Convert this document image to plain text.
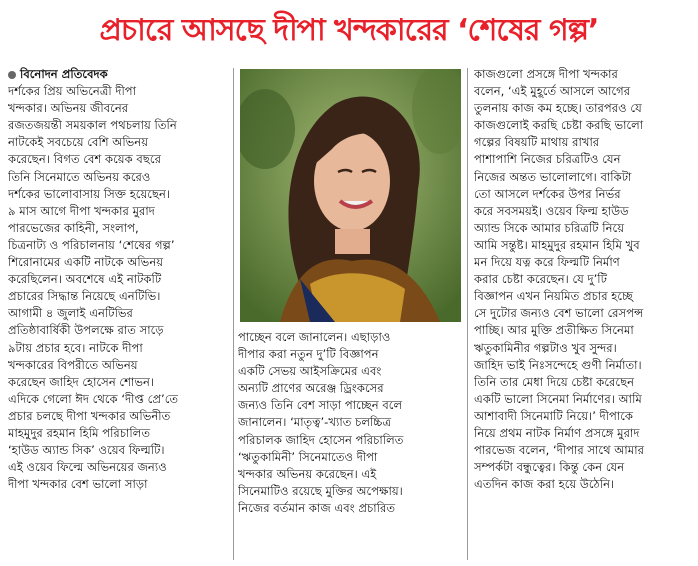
প্রচারে আসছে দীপা খন্দকারের ‘শেষের গল্প’

বিনোদন প্রতিবেদক

দর্শকের প্রিয় অভিনেত্রী দীপা

খন্দকার। অভিনয় জীবনের

রজতজয়ন্তী সময়কাল পথচলায় তিনি

নাটকেই সবচেয়ে বেশি অভিনয়

করেছেন। বিগত বেশ কয়েক বছরে

তিনি সিনেমাতে অভিনয় করেও

দর্শকের ভালোবাসায় সিক্ত হয়েছেন।

৯ মাস আগে দীপা খন্দকার মুরাদ

পারভেজের কাহিনী, সংলাপ,

চিত্রনাট্য ও পরিচালনায় ‘শেষের গল্প’

শিরোনামের একটি নাটকে অভিনয়

করেছিলেন। অবশেষে এই নাটকটি

প্রচারের সিদ্ধান্ত নিয়েছে এনটিভি।

আগামী ৪ জুলাই এনটিভির

প্রতিষ্ঠাবার্ষিকী উপলক্ষে রাত সাড়ে

৯টায় প্রচার হবে। নাটকে দীপা

খন্দকারের বিপরীতে অভিনয়

করেছেন জাহিদ হোসেন শোভন।

এদিকে গেলো ঈদ থেকে ‘দীপ্ত প্রে’তে

প্রচার চলছে দীপা খন্দকার অভিনীত

মাহমুদুর রহমান হিমি পরিচালিত

‘হাউড অ্যান্ড সিক’ ওয়েব ফিল্মটি।

এই ওয়েব ফিল্মে অভিনয়ের জন্যও

দীপা খন্দকার বেশ ভালো সাড়া

পাচ্ছেন বলে জানালেন। এছাড়াও

দীপার করা নতুন দু’টি বিজ্ঞাপন

একটি সেভয় আইসক্রিমের এবং

অন্যটি প্রাণের অরেঞ্জ ড্রিংকসের

জন্যও তিনি বেশ সাড়া পাচ্ছেন বলে

জানালেন। ‘মাতৃত্ব’-খ্যাত চলচ্চিত্র

পরিচালক জাহিদ হোসেন পরিচালিত

‘ঋতুকামিনী’ সিনেমাতেও দীপা

খন্দকার অভিনয় করেছেন। এই

সিনেমাটিও রয়েছে মুক্তির অপেক্ষায়।

নিজের বর্তমান কাজ এবং প্রচারিত

কাজগুলো প্রসঙ্গে দীপা খন্দকার

বলেন, ‘এই মুহূর্তে আসলে আগের

তুলনায় কাজ কম হচ্ছে। তারপরও যে

কাজগুলোই করছি চেষ্টা করছি ভালো

গল্পের বিষয়টি মাথায় রাখার

পাশাপাশি নিজের চরিত্রটিও যেন

নিজের অন্তত ভালোলাগে। বাকিটা

তো আসলে দর্শকের উপর নির্ভর

করে সবসময়ই। ওয়েব ফিল্ম হাউড

অ্যান্ড সিকে আমার চরিত্রটি নিয়ে

আমি সন্তুষ্ট। মাহমুদুর রহমান হিমি খুব

মন দিয়ে যত্ন করে ফিল্মটি নির্মাণ

করার চেষ্টা করেছেন। যে দু’টি

বিজ্ঞাপন এখন নিয়মিত প্রচার হচ্ছে

সে দুটোর জন্যও বেশ ভালো রেসপন্স

পাচ্ছি। আর মুক্তি প্রতীক্ষিত সিনেমা

ঋতুকামিনীর গল্পটাও খুব সুন্দর।

জাহিদ ভাই নিঃসন্দেহে গুণী নির্মাতা।

তিনি তার মেধা দিয়ে চেষ্টা করেছেন

একটি ভালো সিনেমা নির্মাণের। আমি

আশাবাদী সিনেমাটি নিয়ে।’ দীপাকে

নিয়ে প্রথম নাটক নির্মাণ প্রসঙ্গে মুরাদ

পারভেজ বলেন, ‘দীপার সাথে আমার

সম্পর্কটা বন্ধুত্বের। কিন্তু কেন যেন

এতদিন কাজ করা হয়ে উঠেনি।
